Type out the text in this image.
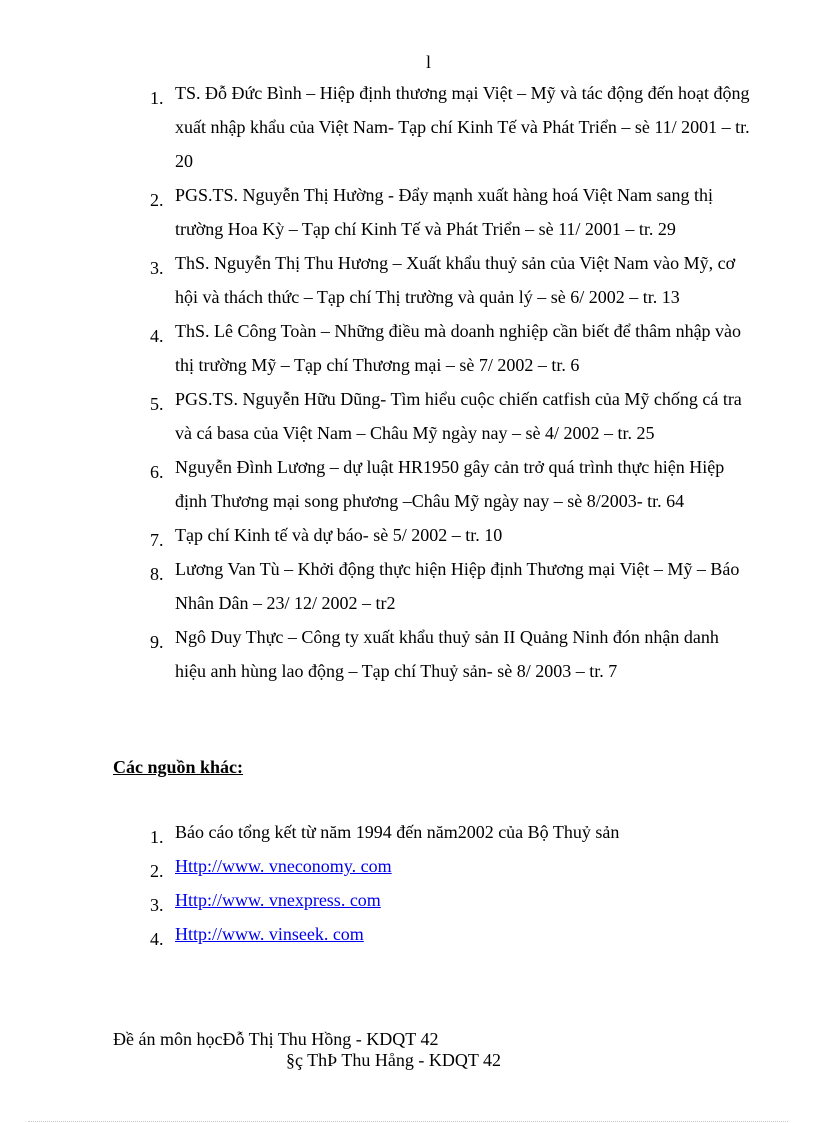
l
1. TS. Đỗ Đức Bình – Hiệp định thương mại Việt – Mỹ và tác động đến hoạt động xuất nhập khẩu của Việt Nam- Tạp chí Kinh Tế và Phát Triển – sè 11/ 2001 – tr. 20
2. PGS.TS. Nguyễn Thị Hường - Đẩy mạnh xuất hàng hoá Việt Nam sang thị trường Hoa Kỳ – Tạp chí Kinh Tế và Phát Triển – sè 11/ 2001 – tr. 29
3. ThS. Nguyễn Thị Thu Hương – Xuất khẩu thuỷ sản của Việt Nam vào Mỹ, cơ hội và thách thức – Tạp chí Thị trường và quản lý – sè 6/ 2002 – tr. 13
4. ThS. Lê Công Toàn – Những điều mà doanh nghiệp cần biết để thâm nhập vào thị trường Mỹ – Tạp chí Thương mại – sè 7/ 2002 – tr. 6
5. PGS.TS. Nguyễn Hữu Dũng- Tìm hiểu cuộc chiến catfish của Mỹ chống cá tra và cá basa của Việt Nam – Châu Mỹ ngày nay – sè 4/ 2002 – tr. 25
6. Nguyễn Đình Lương – dự luật HR1950 gây cản trở quá trình thực hiện Hiệp định Thương mại song phương –Châu Mỹ ngày nay – sè 8/2003- tr. 64
7. Tạp chí Kinh tế và dự báo- sè 5/ 2002 – tr. 10
8. Lương Van Tù – Khởi động thực hiện Hiệp định Thương mại Việt – Mỹ – Báo Nhân Dân – 23/ 12/ 2002 – tr2
9. Ngô Duy Thực – Công ty xuất khẩu thuỷ sản II Quảng Ninh đón nhận danh hiệu anh hùng lao động – Tạp chí Thuỷ sản- sè 8/ 2003 – tr. 7
Các nguồn khác:
1. Báo cáo tổng kết từ năm 1994 đến năm2002 của Bộ Thuỷ sản
2. Http://www. vneconomy. com
3. Http://www. vnexpress. com
4. Http://www. vinseek. com
Đề án môn họcĐỗ Thị Thu Hồng - KDQT 42
§ç ThÞ Thu Hång - KDQT 42
